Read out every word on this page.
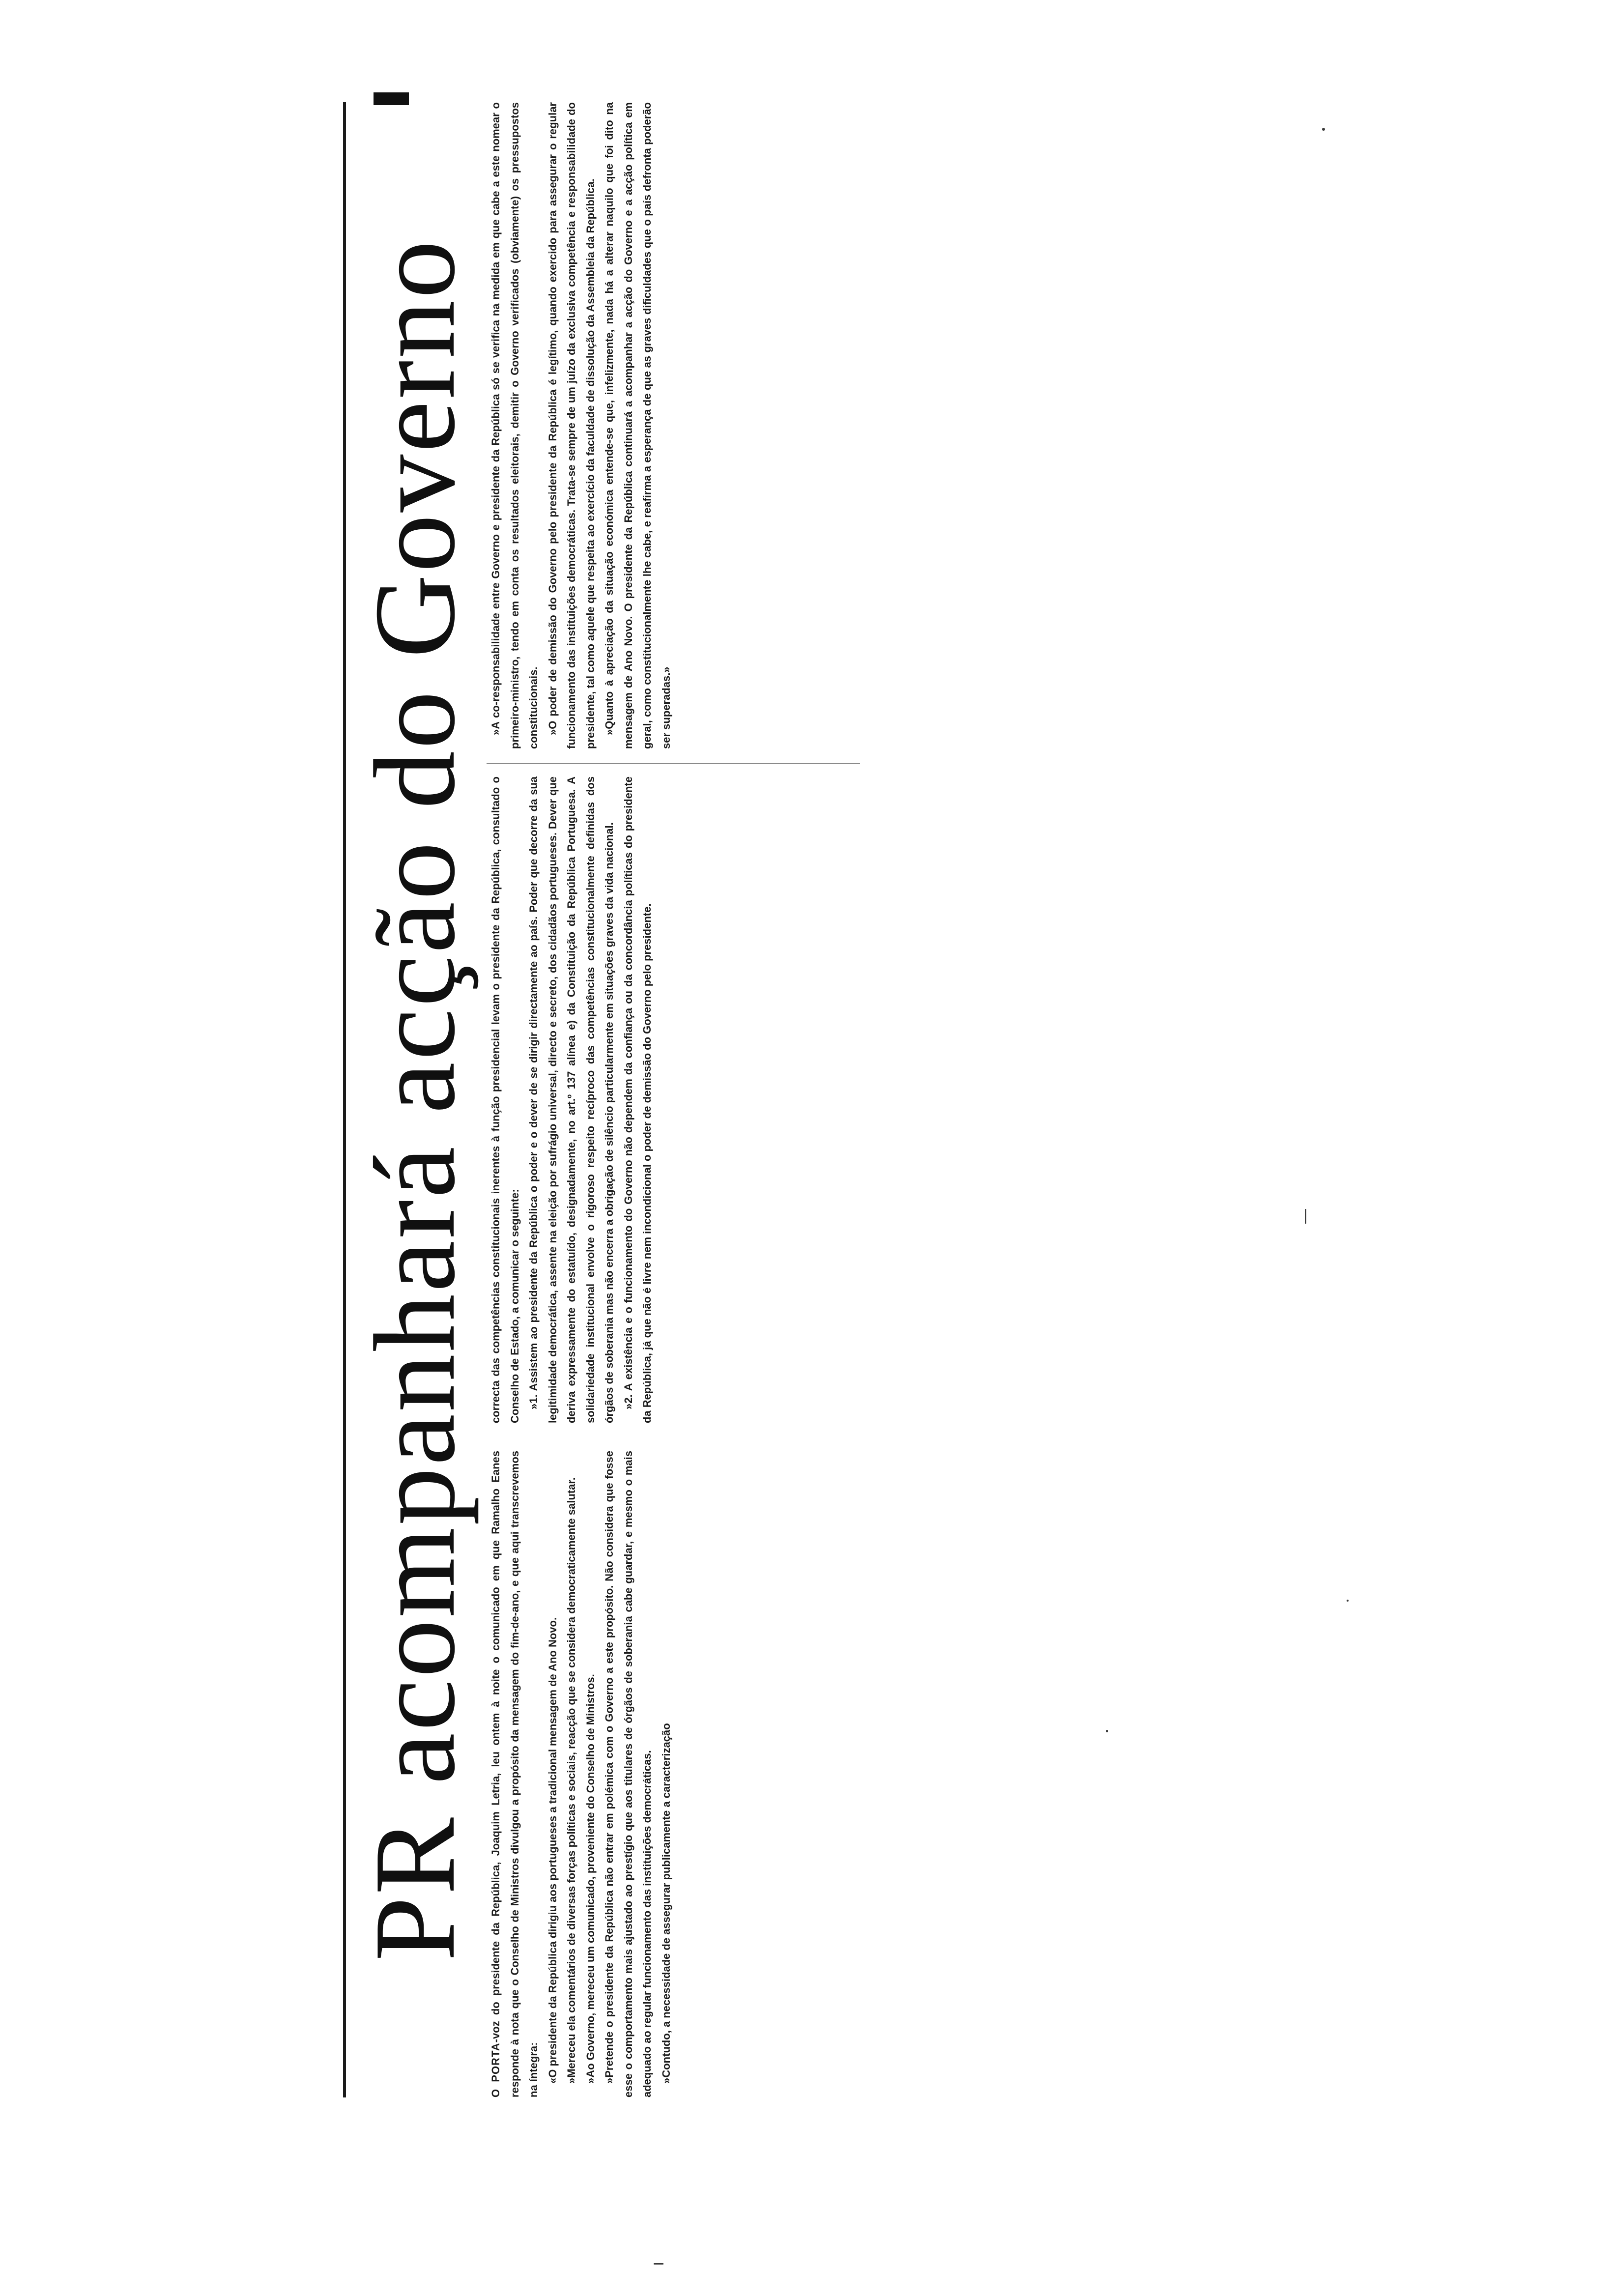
PR acompanhará acção do Governo

O PORTA-voz do presidente da República, Joaquim Letria, leu ontem à noite o comunicado em que Ramalho Eanes responde à nota que o Conselho de Ministros divulgou a propósito da mensagem do fim-de-ano, e que aqui transcrevemos na íntegra: «O presidente da República dirigiu aos portugueses a tradicional mensagem de Ano Novo. »Mereceu ela comentários de diversas forças políticas e sociais, reacção que se considera democraticamente salutar. »Ao Governo, mereceu um comunicado, proveniente do Conselho de Ministros. »Pretende o presidente da República não entrar em polémica com o Governo a este propósito. Não considera que fosse esse o comportamento mais ajustado ao prestígio que aos titulares de órgãos de soberania cabe guardar, e mesmo o mais adequado ao regular funcionamento das instituições democráticas. »Contudo, a necessidade de assegurar publicamente a caracterização

correcta das competências constitucionais inerentes à função presidencial levam o presidente da República, consultado o Conselho de Estado, a comunicar o seguinte: »1. Assistem ao presidente da República o poder e o dever de se dirigir directamente ao país. Poder que decorre da sua legitimidade democrática, assente na eleição por sufrágio universal, directo e secreto, dos cidadãos portugueses. Dever que deriva expressamente do estatuído, designadamente, no art.º 137 alínea e) da Constituição da República Portuguesa. A solidariedade institucional envolve o rigoroso respeito recíproco das competências constitucionalmente definidas dos órgãos de soberania mas não encerra a obrigação de silêncio particularmente em situações graves da vida nacional. »2. A existência e o funcionamento do Governo não dependem da confiança ou da concordância políticas do presidente da República, já que não é livre nem incondicional o poder de demissão do Governo pelo presidente.

»A co-responsabilidade entre Governo e presidente da República só se verifica na medida em que cabe a este nomear o primeiro-ministro, tendo em conta os resultados eleitorais, demitir o Governo verificados (obviamente) os pressupostos constitucionais. »O poder de demissão do Governo pelo presidente da República é legítimo, quando exercido para assegurar o regular funcionamento das instituições democráticas. Trata-se sempre de um juízo da exclusiva competência e responsabilidade do presidente, tal como aquele que respeita ao exercício da faculdade de dissolução da Assembleia da República. »Quanto à apreciação da situação económica entende-se que, infelizmente, nada há a alterar naquilo que foi dito na mensagem de Ano Novo. O presidente da República continuará a acompanhar a acção do Governo e a acção política em geral, como constitucionalmente lhe cabe, e reafirma a esperança de que as graves dificuldades que o país defronta poderão ser superadas.»
